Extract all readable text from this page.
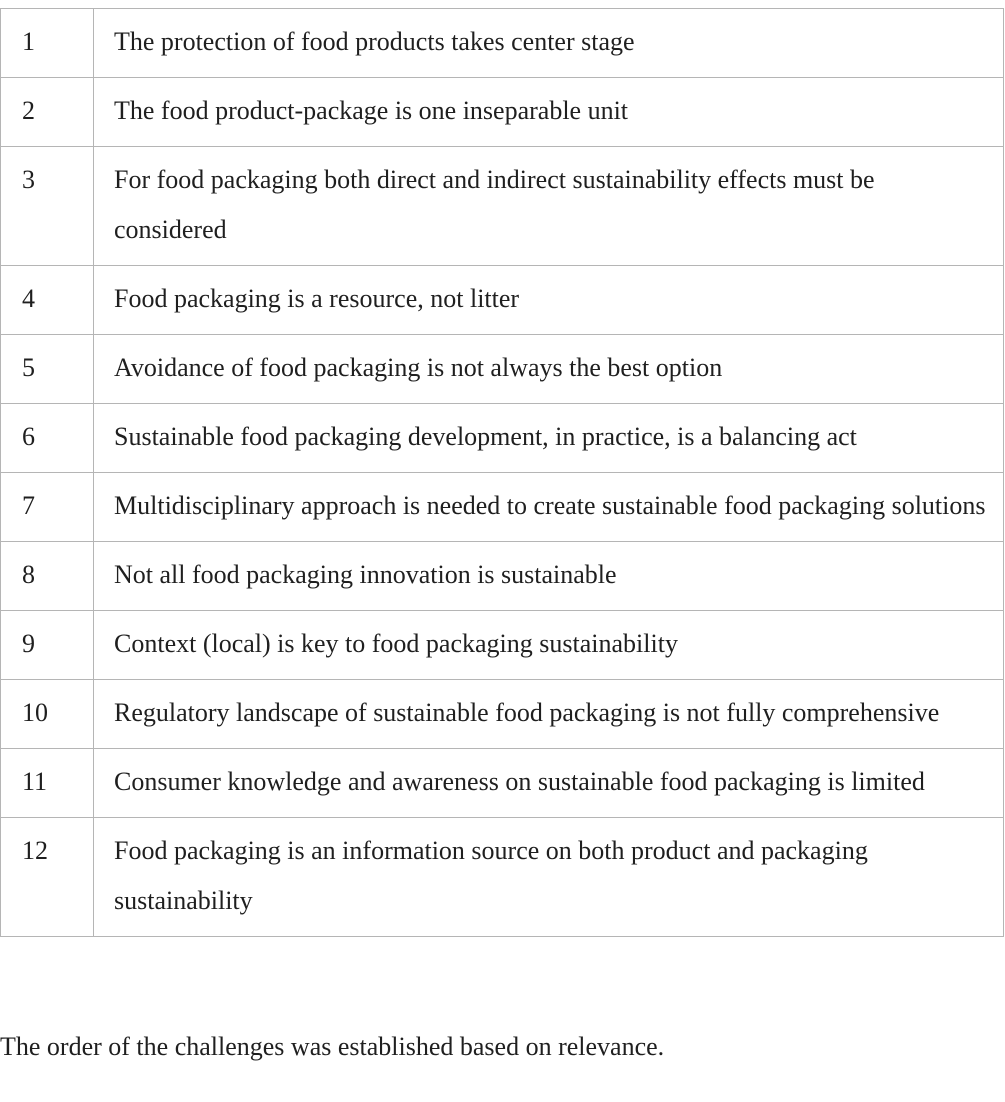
1	The protection of food products takes center stage
2	The food product-package is one inseparable unit
3	For food packaging both direct and indirect sustainability effects must be considered
4	Food packaging is a resource, not litter
5	Avoidance of food packaging is not always the best option
6	Sustainable food packaging development, in practice, is a balancing act
7	Multidisciplinary approach is needed to create sustainable food packaging solutions
8	Not all food packaging innovation is sustainable
9	Context (local) is key to food packaging sustainability
10	Regulatory landscape of sustainable food packaging is not fully comprehensive
11	Consumer knowledge and awareness on sustainable food packaging is limited
12	Food packaging is an information source on both product and packaging sustainability

The order of the challenges was established based on relevance.
